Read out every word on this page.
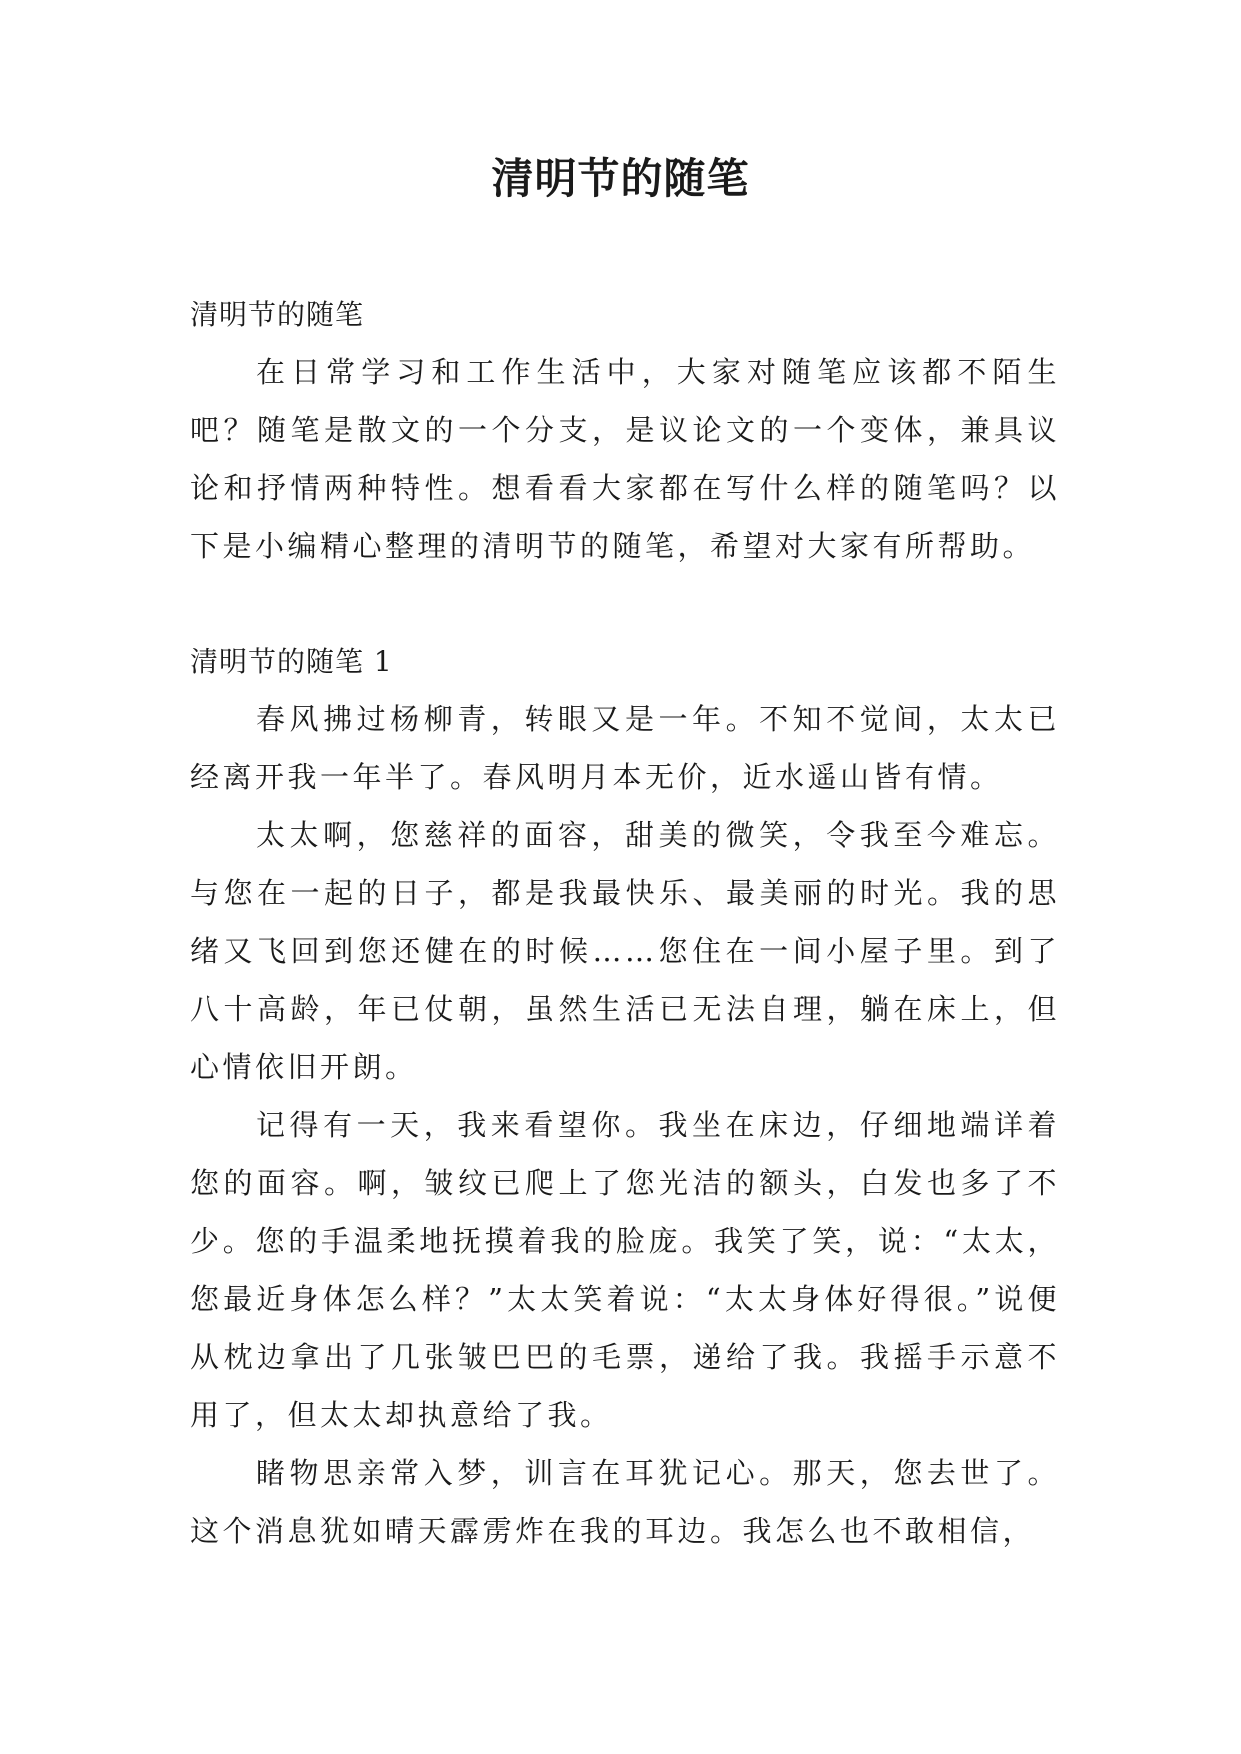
清明节的随笔

清明节的随笔

在日常学习和工作生活中，大家对随笔应该都不陌生吧？随笔是散文的一个分支，是议论文的一个变体，兼具议论和抒情两种特性。想看看大家都在写什么样的随笔吗？以下是小编精心整理的清明节的随笔，希望对大家有所帮助。

清明节的随笔 1

春风拂过杨柳青，转眼又是一年。不知不觉间，太太已经离开我一年半了。春风明月本无价，近水遥山皆有情。

太太啊，您慈祥的面容，甜美的微笑，令我至今难忘。与您在一起的日子，都是我最快乐、最美丽的时光。我的思绪又飞回到您还健在的时候……您住在一间小屋子里。到了八十高龄，年已仗朝，虽然生活已无法自理，躺在床上，但心情依旧开朗。

记得有一天，我来看望你。我坐在床边，仔细地端详着您的面容。啊，皱纹已爬上了您光洁的额头，白发也多了不少。您的手温柔地抚摸着我的脸庞。我笑了笑，说：“太太，您最近身体怎么样？”太太笑着说：“太太身体好得很。”说便从枕边拿出了几张皱巴巴的毛票，递给了我。我摇手示意不用了，但太太却执意给了我。

睹物思亲常入梦，训言在耳犹记心。那天，您去世了。这个消息犹如晴天霹雳炸在我的耳边。我怎么也不敢相信，
